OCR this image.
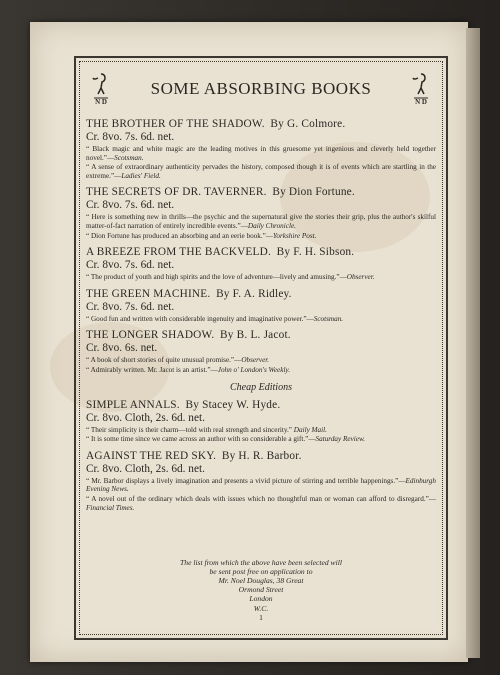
N D
SOME ABSORBING BOOKS
N D
THE BROTHER OF THE SHADOW. By G. Colmore.
Cr. 8vo. 7s. 6d. net.
“ Black magic and white magic are the leading motives in this gruesome yet ingenious and cleverly held together novel.”—Scotsman.
“ A sense of extraordinary authenticity pervades the history, composed though it is of events which are startling in the extreme.”—Ladies' Field.
THE SECRETS OF DR. TAVERNER. By Dion Fortune.
Cr. 8vo. 7s. 6d. net.
“ Here is something new in thrills—the psychic and the supernatural give the stories their grip, plus the author's skilful matter-of-fact narration of entirely incredible events.”—Daily Chronicle.
“ Dion Fortune has produced an absorbing and an eerie book.”—Yorkshire Post.
A BREEZE FROM THE BACKVELD. By F. H. Sibson.
Cr. 8vo. 7s. 6d. net.
“ The product of youth and high spirits and the love of adventure—lively and amusing.”—Observer.
THE GREEN MACHINE. By F. A. Ridley.
Cr. 8vo. 7s. 6d. net.
“ Good fun and written with considerable ingenuity and imaginative power.”—Scotsman.
THE LONGER SHADOW. By B. L. Jacot.
Cr. 8vo. 6s. net.
“ A book of short stories of quite unusual promise.”—Observer.
“ Admirably written. Mr. Jacot is an artist.”—John o' London's Weekly.
Cheap Editions
SIMPLE ANNALS. By Stacey W. Hyde.
Cr. 8vo. Cloth, 2s. 6d. net.
“ Their simplicity is their charm—told with real strength and sincerity.” Daily Mail.
“ It is some time since we came across an author with so considerable a gift.”—Saturday Review.
AGAINST THE RED SKY. By H. R. Barbor.
Cr. 8vo. Cloth, 2s. 6d. net.
“ Mr. Barbor displays a lively imagination and presents a vivid picture of stirring and terrible happenings.”—Edinburgh Evening News.
“ A novel out of the ordinary which deals with issues which no thoughtful man or woman can afford to disregard.”—Financial Times.
The list from which the above have been selected will
be sent post free on application to
Mr. Noel Douglas, 38 Great
Ormond Street
London
W.C.
1
